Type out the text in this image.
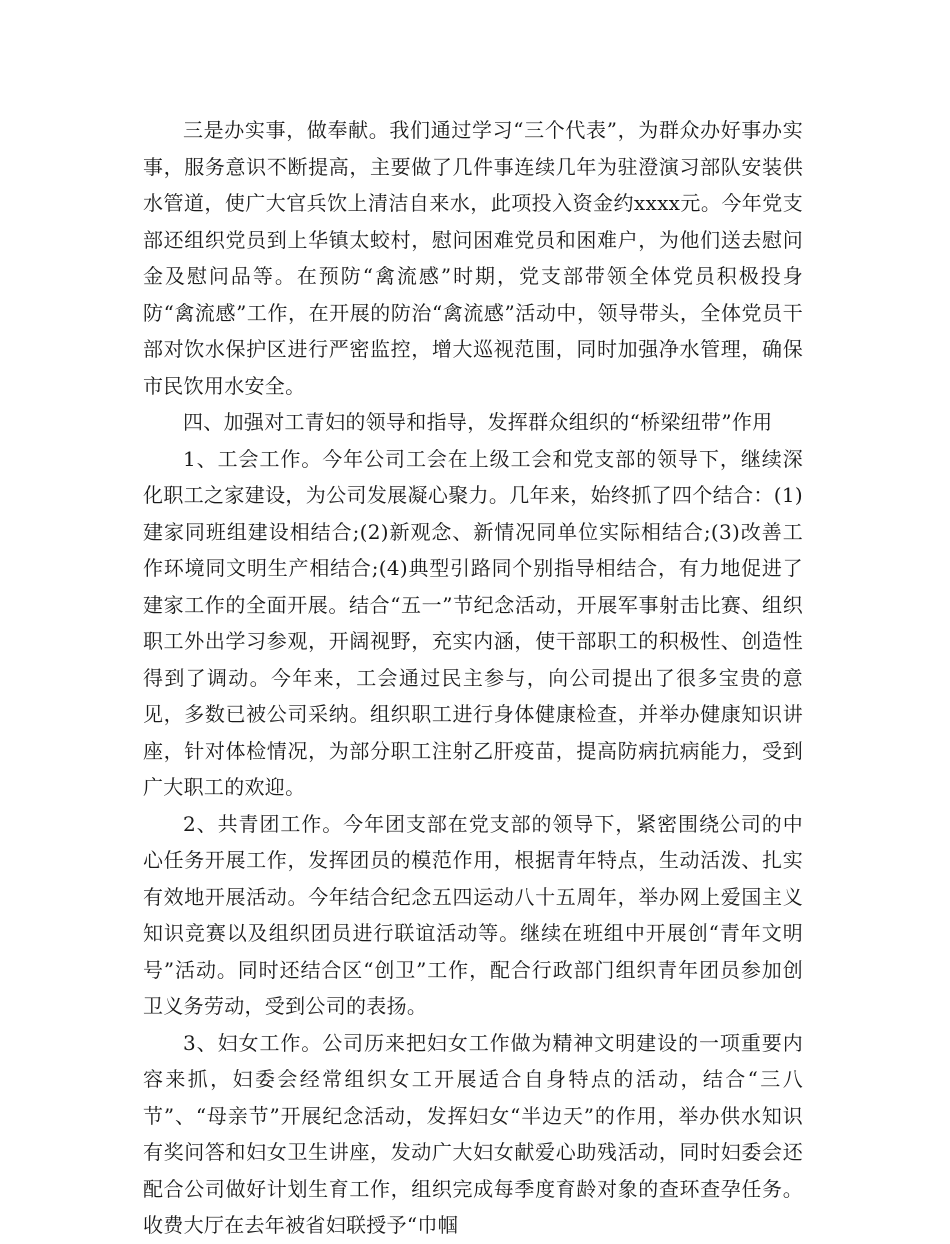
三是办实事，做奉献。我们通过学习“三个代表”，为群众办好事办实事，服务意识不断提高，主要做了几件事连续几年为驻澄演习部队安装供水管道，使广大官兵饮上清洁自来水，此项投入资金约xxxx元。今年党支部还组织党员到上华镇太蛟村，慰问困难党员和困难户，为他们送去慰问金及慰问品等。在预防“禽流感”时期，党支部带领全体党员积极投身防“禽流感”工作，在开展的防治“禽流感”活动中，领导带头，全体党员干部对饮水保护区进行严密监控，增大巡视范围，同时加强净水管理，确保市民饮用水安全。

四、加强对工青妇的领导和指导，发挥群众组织的“桥梁纽带”作用

1、工会工作。今年公司工会在上级工会和党支部的领导下，继续深化职工之家建设，为公司发展凝心聚力。几年来，始终抓了四个结合：(1)建家同班组建设相结合;(2)新观念、新情况同单位实际相结合;(3)改善工作环境同文明生产相结合;(4)典型引路同个别指导相结合，有力地促进了建家工作的全面开展。结合“五一”节纪念活动，开展军事射击比赛、组织职工外出学习参观，开阔视野，充实内涵，使干部职工的积极性、创造性得到了调动。今年来，工会通过民主参与，向公司提出了很多宝贵的意见，多数已被公司采纳。组织职工进行身体健康检查，并举办健康知识讲座，针对体检情况，为部分职工注射乙肝疫苗，提高防病抗病能力，受到广大职工的欢迎。

2、共青团工作。今年团支部在党支部的领导下，紧密围绕公司的中心任务开展工作，发挥团员的模范作用，根据青年特点，生动活泼、扎实有效地开展活动。今年结合纪念五四运动八十五周年，举办网上爱国主义知识竞赛以及组织团员进行联谊活动等。继续在班组中开展创“青年文明号”活动。同时还结合区“创卫”工作，配合行政部门组织青年团员参加创卫义务劳动，受到公司的表扬。

3、妇女工作。公司历来把妇女工作做为精神文明建设的一项重要内容来抓，妇委会经常组织女工开展适合自身特点的活动，结合“三八节”、“母亲节”开展纪念活动，发挥妇女“半边天”的作用，举办供水知识有奖问答和妇女卫生讲座，发动广大妇女献爱心助残活动，同时妇委会还配合公司做好计划生育工作，组织完成每季度育龄对象的查环查孕任务。收费大厅在去年被省妇联授予“巾帼
